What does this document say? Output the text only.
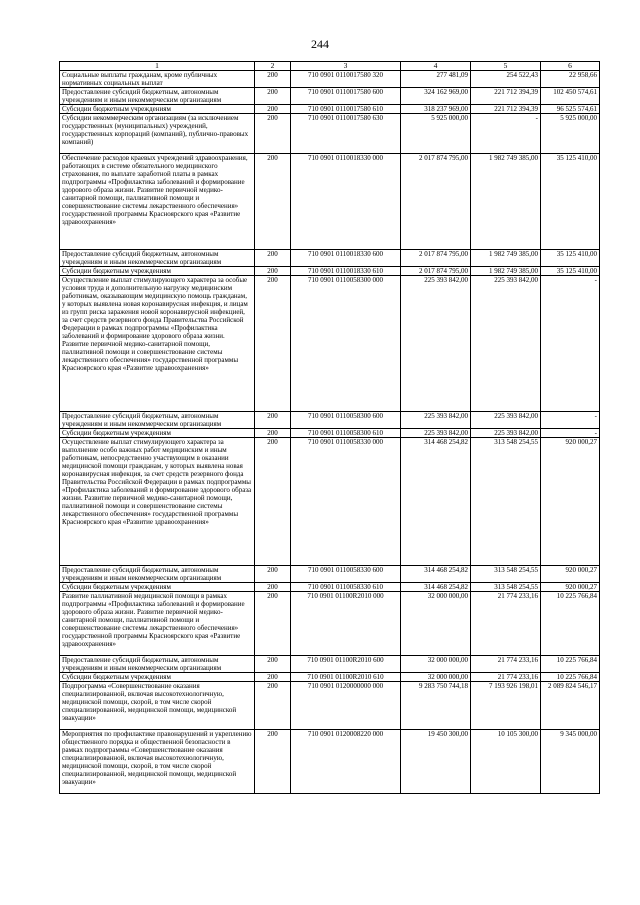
244
1	2	3	4	5	6
Социальные выплаты гражданам, кроме публичных нормативных социальных выплат	200	710 0901 0110017580 320	277 481,09	254 522,43	22 958,66
Предоставление субсидий бюджетным, автономным учреждениям и иным некоммерческим организациям	200	710 0901 0110017580 600	324 162 969,00	221 712 394,39	102 450 574,61
Субсидии бюджетным учреждениям	200	710 0901 0110017580 610	318 237 969,00	221 712 394,39	96 525 574,61
Субсидии некоммерческим организациям (за исключением государственных (муниципальных) учреждений, государственных корпораций (компаний), публично-правовых компаний)	200	710 0901 0110017580 630	5 925 000,00	-	5 925 000,00
Обеспечение расходов краевых учреждений здравоохранения, работающих в системе обязательного медицинского страхования, по выплате заработной платы в рамках подпрограммы «Профилактика заболеваний и формирование здорового образа жизни. Развитие первичной медико-санитарной помощи, паллиативной помощи и совершенствование системы лекарственного обеспечения» государственной программы Красноярского края «Развитие здравоохранения»	200	710 0901 0110018330 000	2 017 874 795,00	1 982 749 385,00	35 125 410,00
Предоставление субсидий бюджетным, автономным учреждениям и иным некоммерческим организациям	200	710 0901 0110018330 600	2 017 874 795,00	1 982 749 385,00	35 125 410,00
Субсидии бюджетным учреждениям	200	710 0901 0110018330 610	2 017 874 795,00	1 982 749 385,00	35 125 410,00
Осуществление выплат стимулирующего характера за особые условия труда и дополнительную нагрузку медицинским работникам, оказывающим медицинскую помощь гражданам, у которых выявлена новая коронавирусная инфекция, и лицам из групп риска заражения новой коронавирусной инфекцией, за счет средств резервного фонда Правительства Российской Федерации в рамках подпрограммы «Профилактика заболеваний и формирование здорового образа жизни. Развитие первичной медико-санитарной помощи, паллиативной помощи и совершенствование системы лекарственного обеспечения» государственной программы Красноярского края «Развитие здравоохранения»	200	710 0901 0110058300 000	225 393 842,00	225 393 842,00	-
Предоставление субсидий бюджетным, автономным учреждениям и иным некоммерческим организациям	200	710 0901 0110058300 600	225 393 842,00	225 393 842,00	-
Субсидии бюджетным учреждениям	200	710 0901 0110058300 610	225 393 842,00	225 393 842,00	-
Осуществление выплат стимулирующего характера за выполнение особо важных работ медицинским и иным работникам, непосредственно участвующим в оказании медицинской помощи гражданам, у которых выявлена новая коронавирусная инфекция, за счет средств резервного фонда Правительства Российской Федерации в рамках подпрограммы «Профилактика заболеваний и формирование здорового образа жизни. Развитие первичной медико-санитарной помощи, паллиативной помощи и совершенствование системы лекарственного обеспечения» государственной программы Красноярского края «Развитие здравоохранения»	200	710 0901 0110058330 000	314 468 254,82	313 548 254,55	920 000,27
Предоставление субсидий бюджетным, автономным учреждениям и иным некоммерческим организациям	200	710 0901 0110058330 600	314 468 254,82	313 548 254,55	920 000,27
Субсидии бюджетным учреждениям	200	710 0901 0110058330 610	314 468 254,82	313 548 254,55	920 000,27
Развитие паллиативной медицинской помощи в рамках подпрограммы «Профилактика заболеваний и формирование здорового образа жизни. Развитие первичной медико-санитарной помощи, паллиативной помощи и совершенствование системы лекарственного обеспечения» государственной программы Красноярского края «Развитие здравоохранения»	200	710 0901 01100R2010 000	32 000 000,00	21 774 233,16	10 225 766,84
Предоставление субсидий бюджетным, автономным учреждениям и иным некоммерческим организациям	200	710 0901 01100R2010 600	32 000 000,00	21 774 233,16	10 225 766,84
Субсидии бюджетным учреждениям	200	710 0901 01100R2010 610	32 000 000,00	21 774 233,16	10 225 766,84
Подпрограмма «Совершенствование оказания специализированной, включая высокотехнологичную, медицинской помощи, скорой, в том числе скорой специализированной, медицинской помощи, медицинской эвакуации»	200	710 0901 0120000000 000	9 283 750 744,18	7 193 926 198,01	2 089 824 546,17
Мероприятия по профилактике правонарушений и укреплению общественного порядка и общественной безопасности в рамках подпрограммы «Совершенствование оказания специализированной, включая высокотехнологичную, медицинской помощи, скорой, в том числе скорой специализированной, медицинской помощи, медицинской эвакуации»	200	710 0901 0120008220 000	19 450 300,00	10 105 300,00	9 345 000,00
